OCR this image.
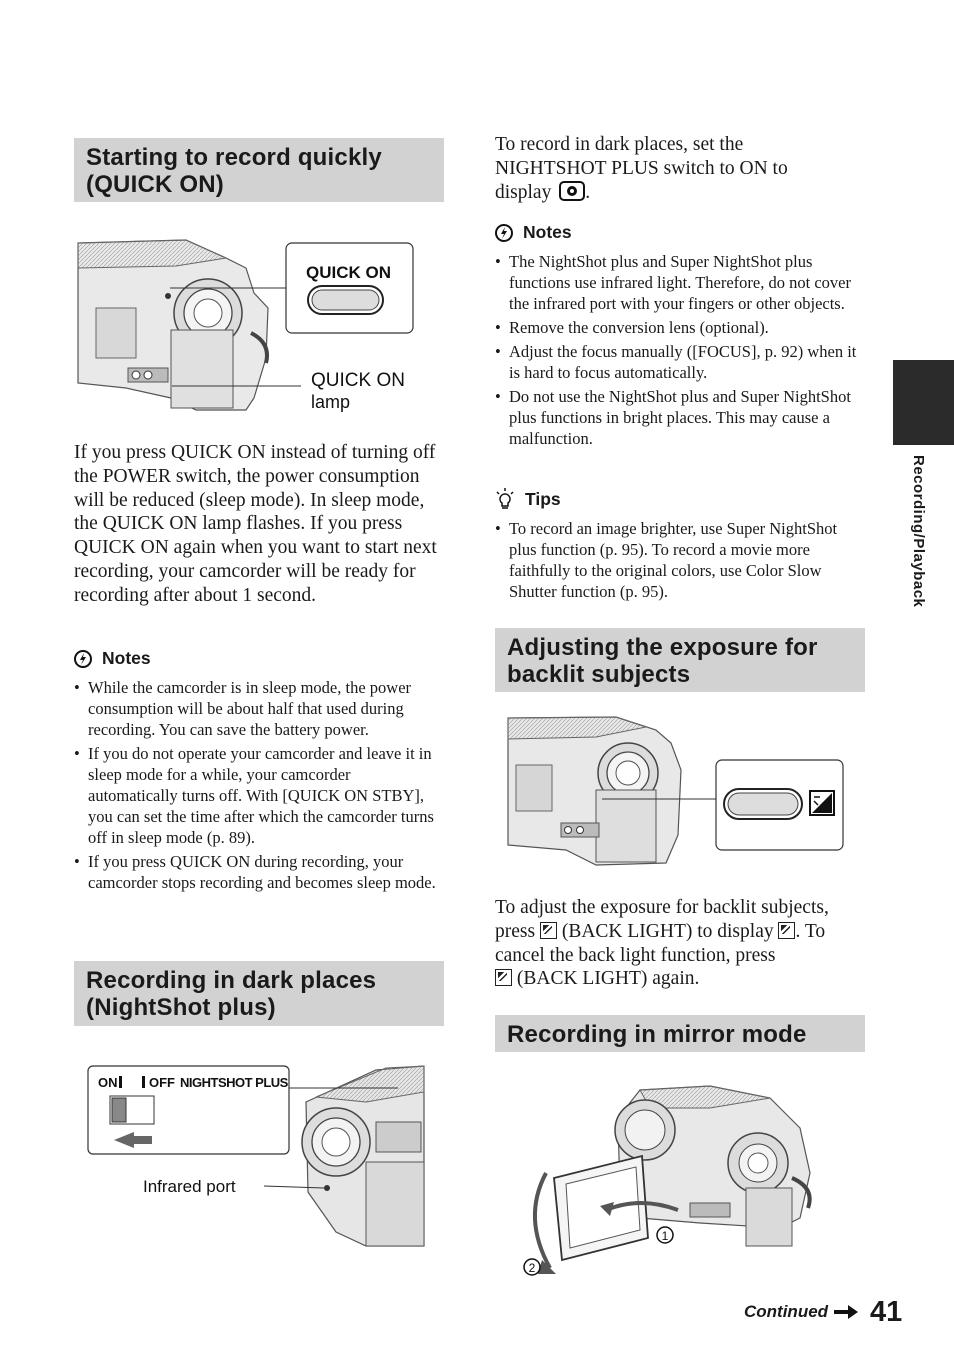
Starting to record quickly
(QUICK ON)
QUICK ON
QUICK ON
lamp
If you press QUICK ON instead of turning off the POWER switch, the power consumption will be reduced (sleep mode). In sleep mode, the QUICK ON lamp flashes. If you press QUICK ON again when you want to start next recording, your camcorder will be ready for recording after about 1 second.
Notes
• While the camcorder is in sleep mode, the power consumption will be about half that used during recording. You can save the battery power.
• If you do not operate your camcorder and leave it in sleep mode for a while, your camcorder automatically turns off. With [QUICK ON STBY], you can set the time after which the camcorder turns off in sleep mode (p. 89).
• If you press QUICK ON during recording, your camcorder stops recording and becomes sleep mode.
Recording in dark places
(NightShot plus)
ON OFF NIGHTSHOT PLUS
Infrared port
To record in dark places, set the
NIGHTSHOT PLUS switch to ON to
display .
Notes
• The NightShot plus and Super NightShot plus functions use infrared light. Therefore, do not cover the infrared port with your fingers or other objects.
• Remove the conversion lens (optional).
• Adjust the focus manually ([FOCUS], p. 92) when it is hard to focus automatically.
• Do not use the NightShot plus and Super NightShot plus functions in bright places. This may cause a malfunction.
Tips
• To record an image brighter, use Super NightShot plus function (p. 95). To record a movie more faithfully to the original colors, use Color Slow Shutter function (p. 95).
Adjusting the exposure for
backlit subjects
To adjust the exposure for backlit subjects,
press (BACK LIGHT) to display . To
cancel the back light function, press
(BACK LIGHT) again.
Recording in mirror mode
1
2
Recording/Playback
Continued 41
